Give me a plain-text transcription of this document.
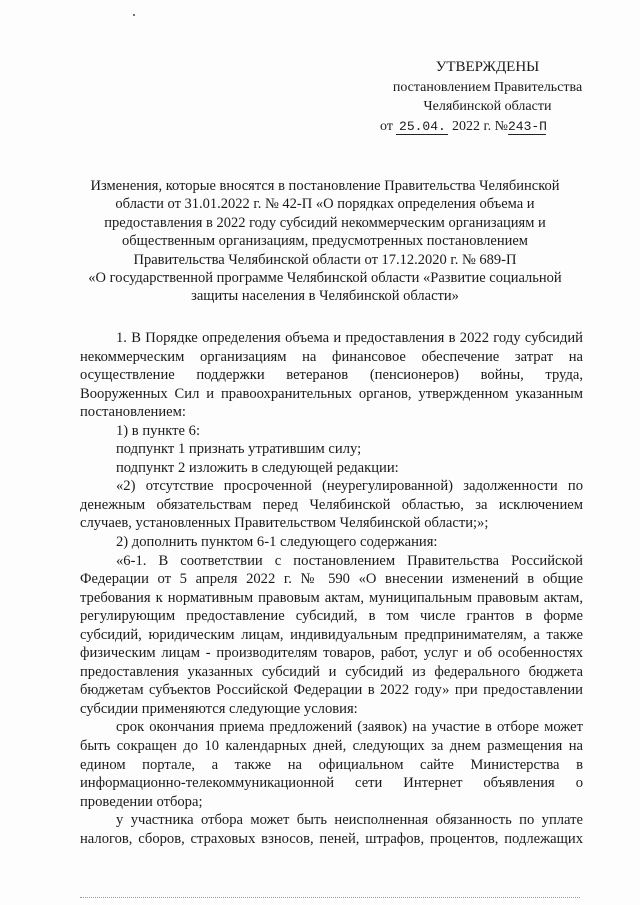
УТВЕРЖДЕНЫ
постановлением Правительства
Челябинской области
от 25.04. 2022 г. №243-П
Изменения, которые вносятся в постановление Правительства Челябинской
области от 31.01.2022 г. № 42-П «О порядках определения объема и
предоставления в 2022 году субсидий некоммерческим организациям и
общественным организациям, предусмотренных постановлением
Правительства Челябинской области от 17.12.2020 г. № 689-П
«О государственной программе Челябинской области «Развитие социальной
защиты населения в Челябинской области»

1. В Порядке определения объема и предоставления в 2022 году субсидий некоммерческим организациям на финансовое обеспечение затрат на осуществление поддержки ветеранов (пенсионеров) войны, труда, Вооруженных Сил и правоохранительных органов, утвержденном указанным постановлением:

1) в пункте 6:

подпункт 1 признать утратившим силу;

подпункт 2 изложить в следующей редакции:

«2) отсутствие просроченной (неурегулированной) задолженности по денежным обязательствам перед Челябинской областью, за исключением случаев, установленных Правительством Челябинской области;»;

2) дополнить пунктом 6-1 следующего содержания:

«6-1. В соответствии с постановлением Правительства Российской Федерации от 5 апреля 2022 г. № 590 «О внесении изменений в общие требования к нормативным правовым актам, муниципальным правовым актам, регулирующим предоставление субсидий, в том числе грантов в форме субсидий, юридическим лицам, индивидуальным предпринимателям, а также физическим лицам - производителям товаров, работ, услуг и об особенностях предоставления указанных субсидий и субсидий из федерального бюджета бюджетам субъектов Российской Федерации в 2022 году» при предоставлении субсидии применяются следующие условия:

срок окончания приема предложений (заявок) на участие в отборе может быть сокращен до 10 календарных дней, следующих за днем размещения на едином портале, а также на официальном сайте Министерства в информационно-телекоммуникационной сети Интернет объявления о проведении отбора;

у участника отбора может быть неисполненная обязанность по уплате налогов, сборов, страховых взносов, пеней, штрафов, процентов, подлежащих
